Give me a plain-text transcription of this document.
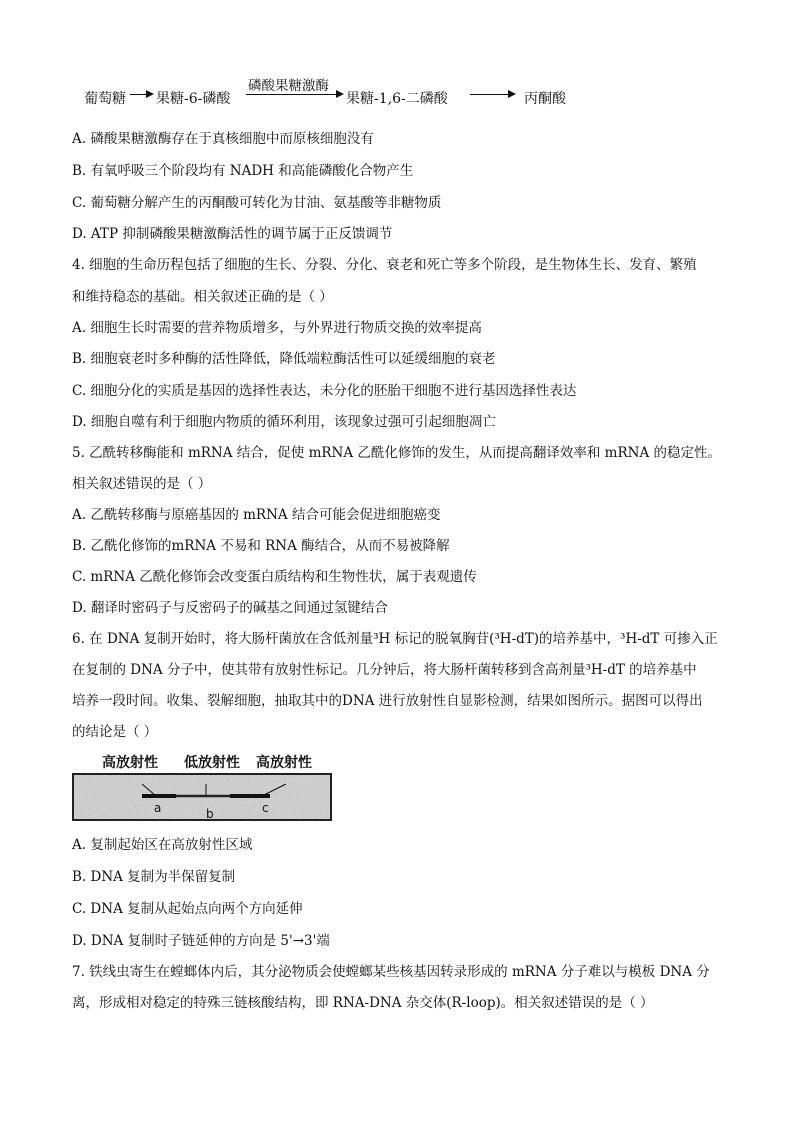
葡萄糖 果糖-6-磷酸
磷酸果糖激酶
果糖-1,6-二磷酸	丙酮酸
A. 磷酸果糖激酶存在于真核细胞中而原核细胞没有
B. 有氧呼吸三个阶段均有 NADH 和高能磷酸化合物产生
C. 葡萄糖分解产生的丙酮酸可转化为甘油、氨基酸等非糖物质
D. ATP 抑制磷酸果糖激酶活性的调节属于正反馈调节
4. 细胞的生命历程包括了细胞的生长、分裂、分化、衰老和死亡等多个阶段，是生物体生长、发育、繁殖
和维持稳态的基础。相关叙述正确的是（ ）
A. 细胞生长时需要的营养物质增多，与外界进行物质交换的效率提高
B. 细胞衰老时多种酶的活性降低，降低端粒酶活性可以延缓细胞的衰老
C. 细胞分化的实质是基因的选择性表达，未分化的胚胎干细胞不进行基因选择性表达
D. 细胞自噬有利于细胞内物质的循环利用，该现象过强可引起细胞凋亡
5. 乙酰转移酶能和 mRNA 结合，促使 mRNA 乙酰化修饰的发生，从而提高翻译效率和 mRNA 的稳定性。
相关叙述错误的是（ ）
A. 乙酰转移酶与原癌基因的 mRNA 结合可能会促进细胞癌变
B. 乙酰化修饰的mRNA 不易和 RNA 酶结合，从而不易被降解
C. mRNA 乙酰化修饰会改变蛋白质结构和生物性状，属于表观遗传
D. 翻译时密码子与反密码子的碱基之间通过氢键结合
6. 在 DNA 复制开始时，将大肠杆菌放在含低剂量³H 标记的脱氧胸苷(³H-dT)的培养基中，³H-dT 可掺入正
在复制的 DNA 分子中，使其带有放射性标记。几分钟后，将大肠杆菌转移到含高剂量³H-dT 的培养基中
培养一段时间。收集、裂解细胞，抽取其中的DNA 进行放射性自显影检测，结果如图所示。据图可以得出
的结论是（ ）
高放射性 低放射性 高放射性
a	b	c
A. 复制起始区在高放射性区域
B. DNA 复制为半保留复制
C. DNA 复制从起始点向两个方向延伸
D. DNA 复制时子链延伸的方向是 5'→3'端
7. 铁线虫寄生在螳螂体内后，其分泌物质会使螳螂某些核基因转录形成的 mRNA 分子难以与模板 DNA 分
离，形成相对稳定的特殊三链核酸结构，即 RNA-DNA 杂交体(R-loop)。相关叙述错误的是（ ）
